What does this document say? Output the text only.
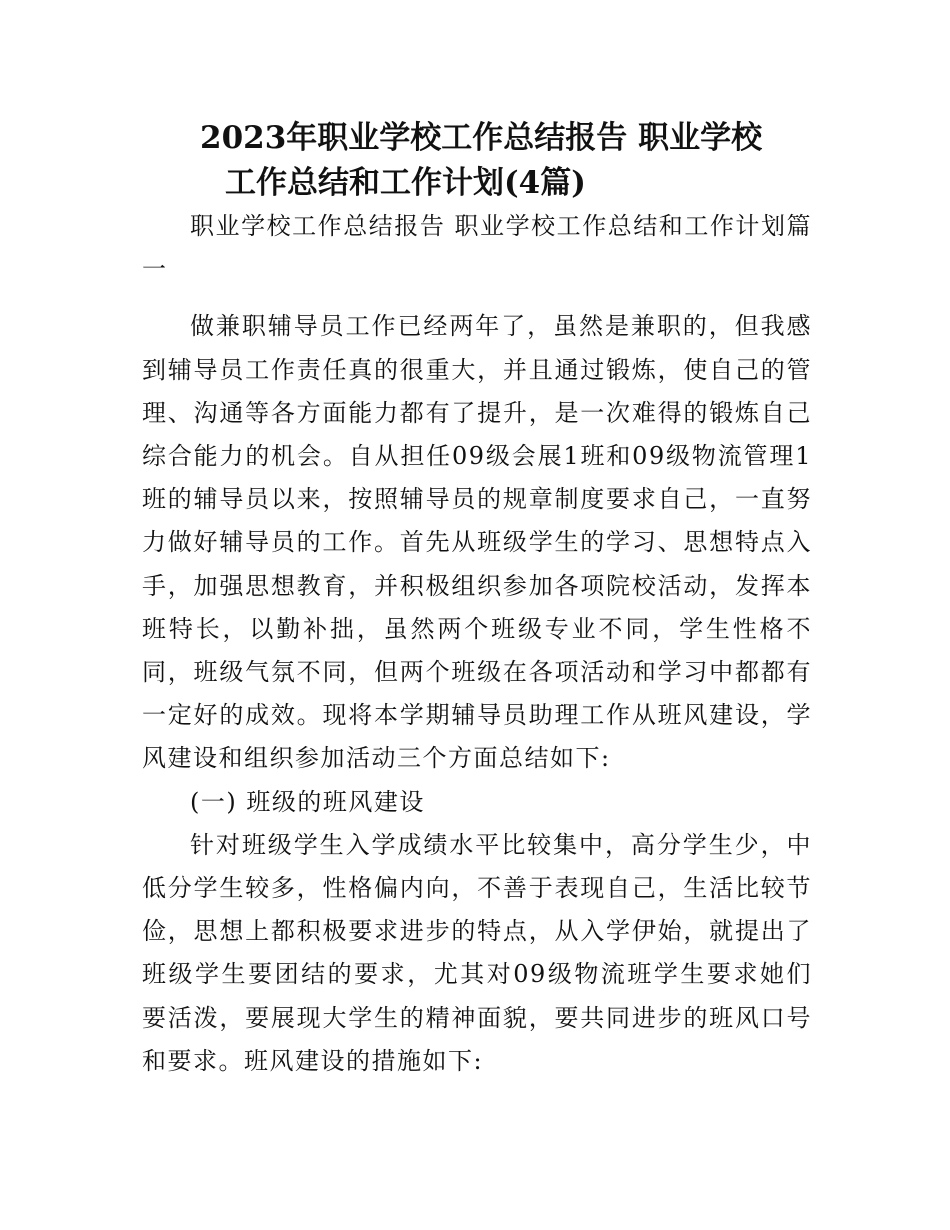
2023年职业学校工作总结报告 职业学校
工作总结和工作计划(4篇)

职业学校工作总结报告 职业学校工作总结和工作计划篇一

做兼职辅导员工作已经两年了，虽然是兼职的，但我感到辅导员工作责任真的很重大，并且通过锻炼，使自己的管理、沟通等各方面能力都有了提升，是一次难得的锻炼自己综合能力的机会。自从担任09级会展1班和09级物流管理1班的辅导员以来，按照辅导员的规章制度要求自己，一直努力做好辅导员的工作。首先从班级学生的学习、思想特点入手，加强思想教育，并积极组织参加各项院校活动，发挥本班特长，以勤补拙，虽然两个班级专业不同，学生性格不同，班级气氛不同，但两个班级在各项活动和学习中都都有一定好的成效。现将本学期辅导员助理工作从班风建设，学风建设和组织参加活动三个方面总结如下:

(一) 班级的班风建设

针对班级学生入学成绩水平比较集中，高分学生少，中低分学生较多，性格偏内向，不善于表现自己，生活比较节俭，思想上都积极要求进步的特点，从入学伊始，就提出了班级学生要团结的要求，尤其对09级物流班学生要求她们要活泼，要展现大学生的精神面貌，要共同进步的班风口号和要求。班风建设的措施如下:
